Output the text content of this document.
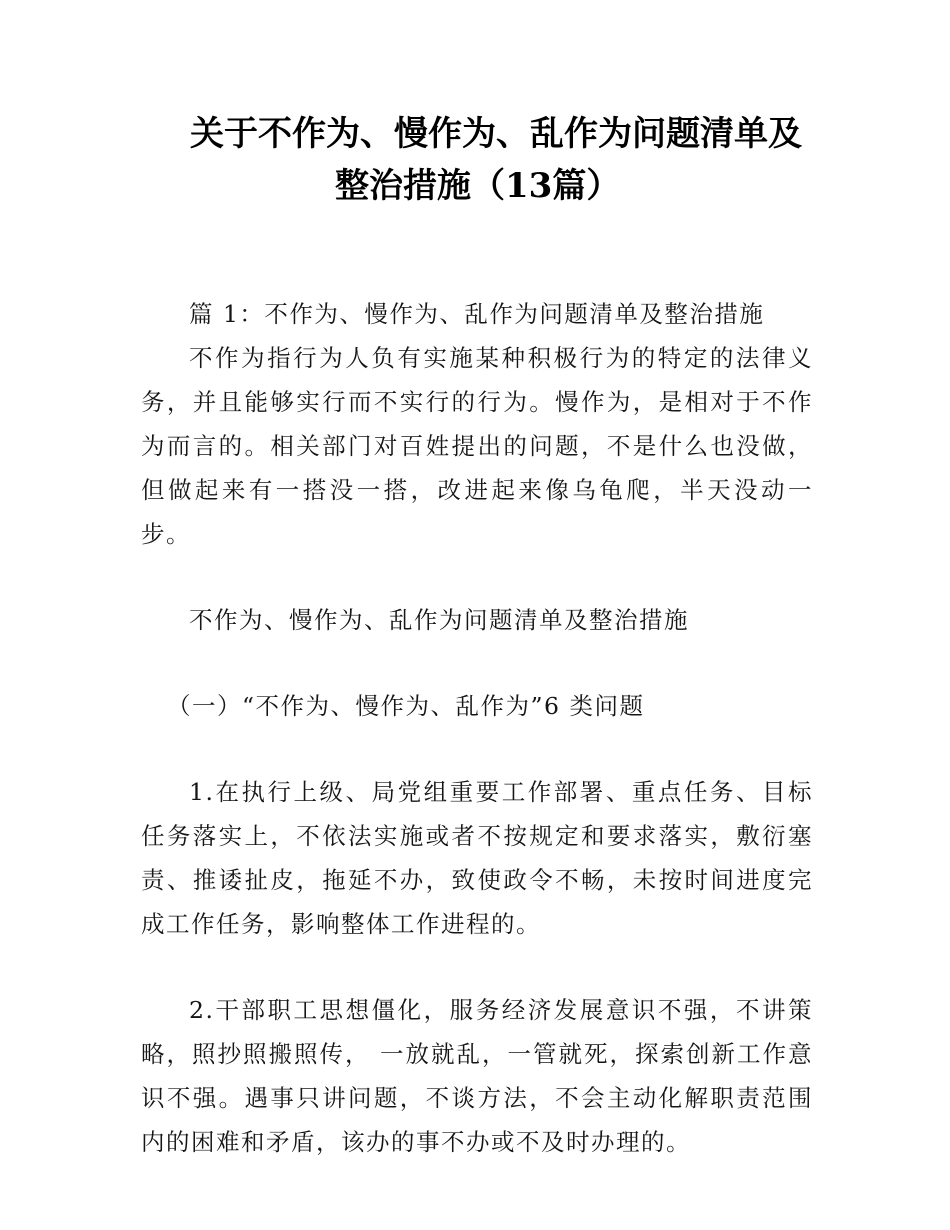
关于不作为、慢作为、乱作为问题清单及
整治措施（13篇）

篇 1：不作为、慢作为、乱作为问题清单及整治措施

不作为指行为人负有实施某种积极行为的特定的法律义务，并且能够实行而不实行的行为。慢作为，是相对于不作为而言的。相关部门对百姓提出的问题，不是什么也没做，但做起来有一搭没一搭，改进起来像乌龟爬，半天没动一步。

不作为、慢作为、乱作为问题清单及整治措施

（一）“不作为、慢作为、乱作为”6 类问题

1.在执行上级、局党组重要工作部署、重点任务、目标任务落实上，不依法实施或者不按规定和要求落实，敷衍塞责、推诿扯皮，拖延不办，致使政令不畅，未按时间进度完成工作任务，影响整体工作进程的。

2.干部职工思想僵化，服务经济发展意识不强，不讲策略，照抄照搬照传， 一放就乱，一管就死，探索创新工作意识不强。遇事只讲问题，不谈方法，不会主动化解职责范围内的困难和矛盾，该办的事不办或不及时办理的。
